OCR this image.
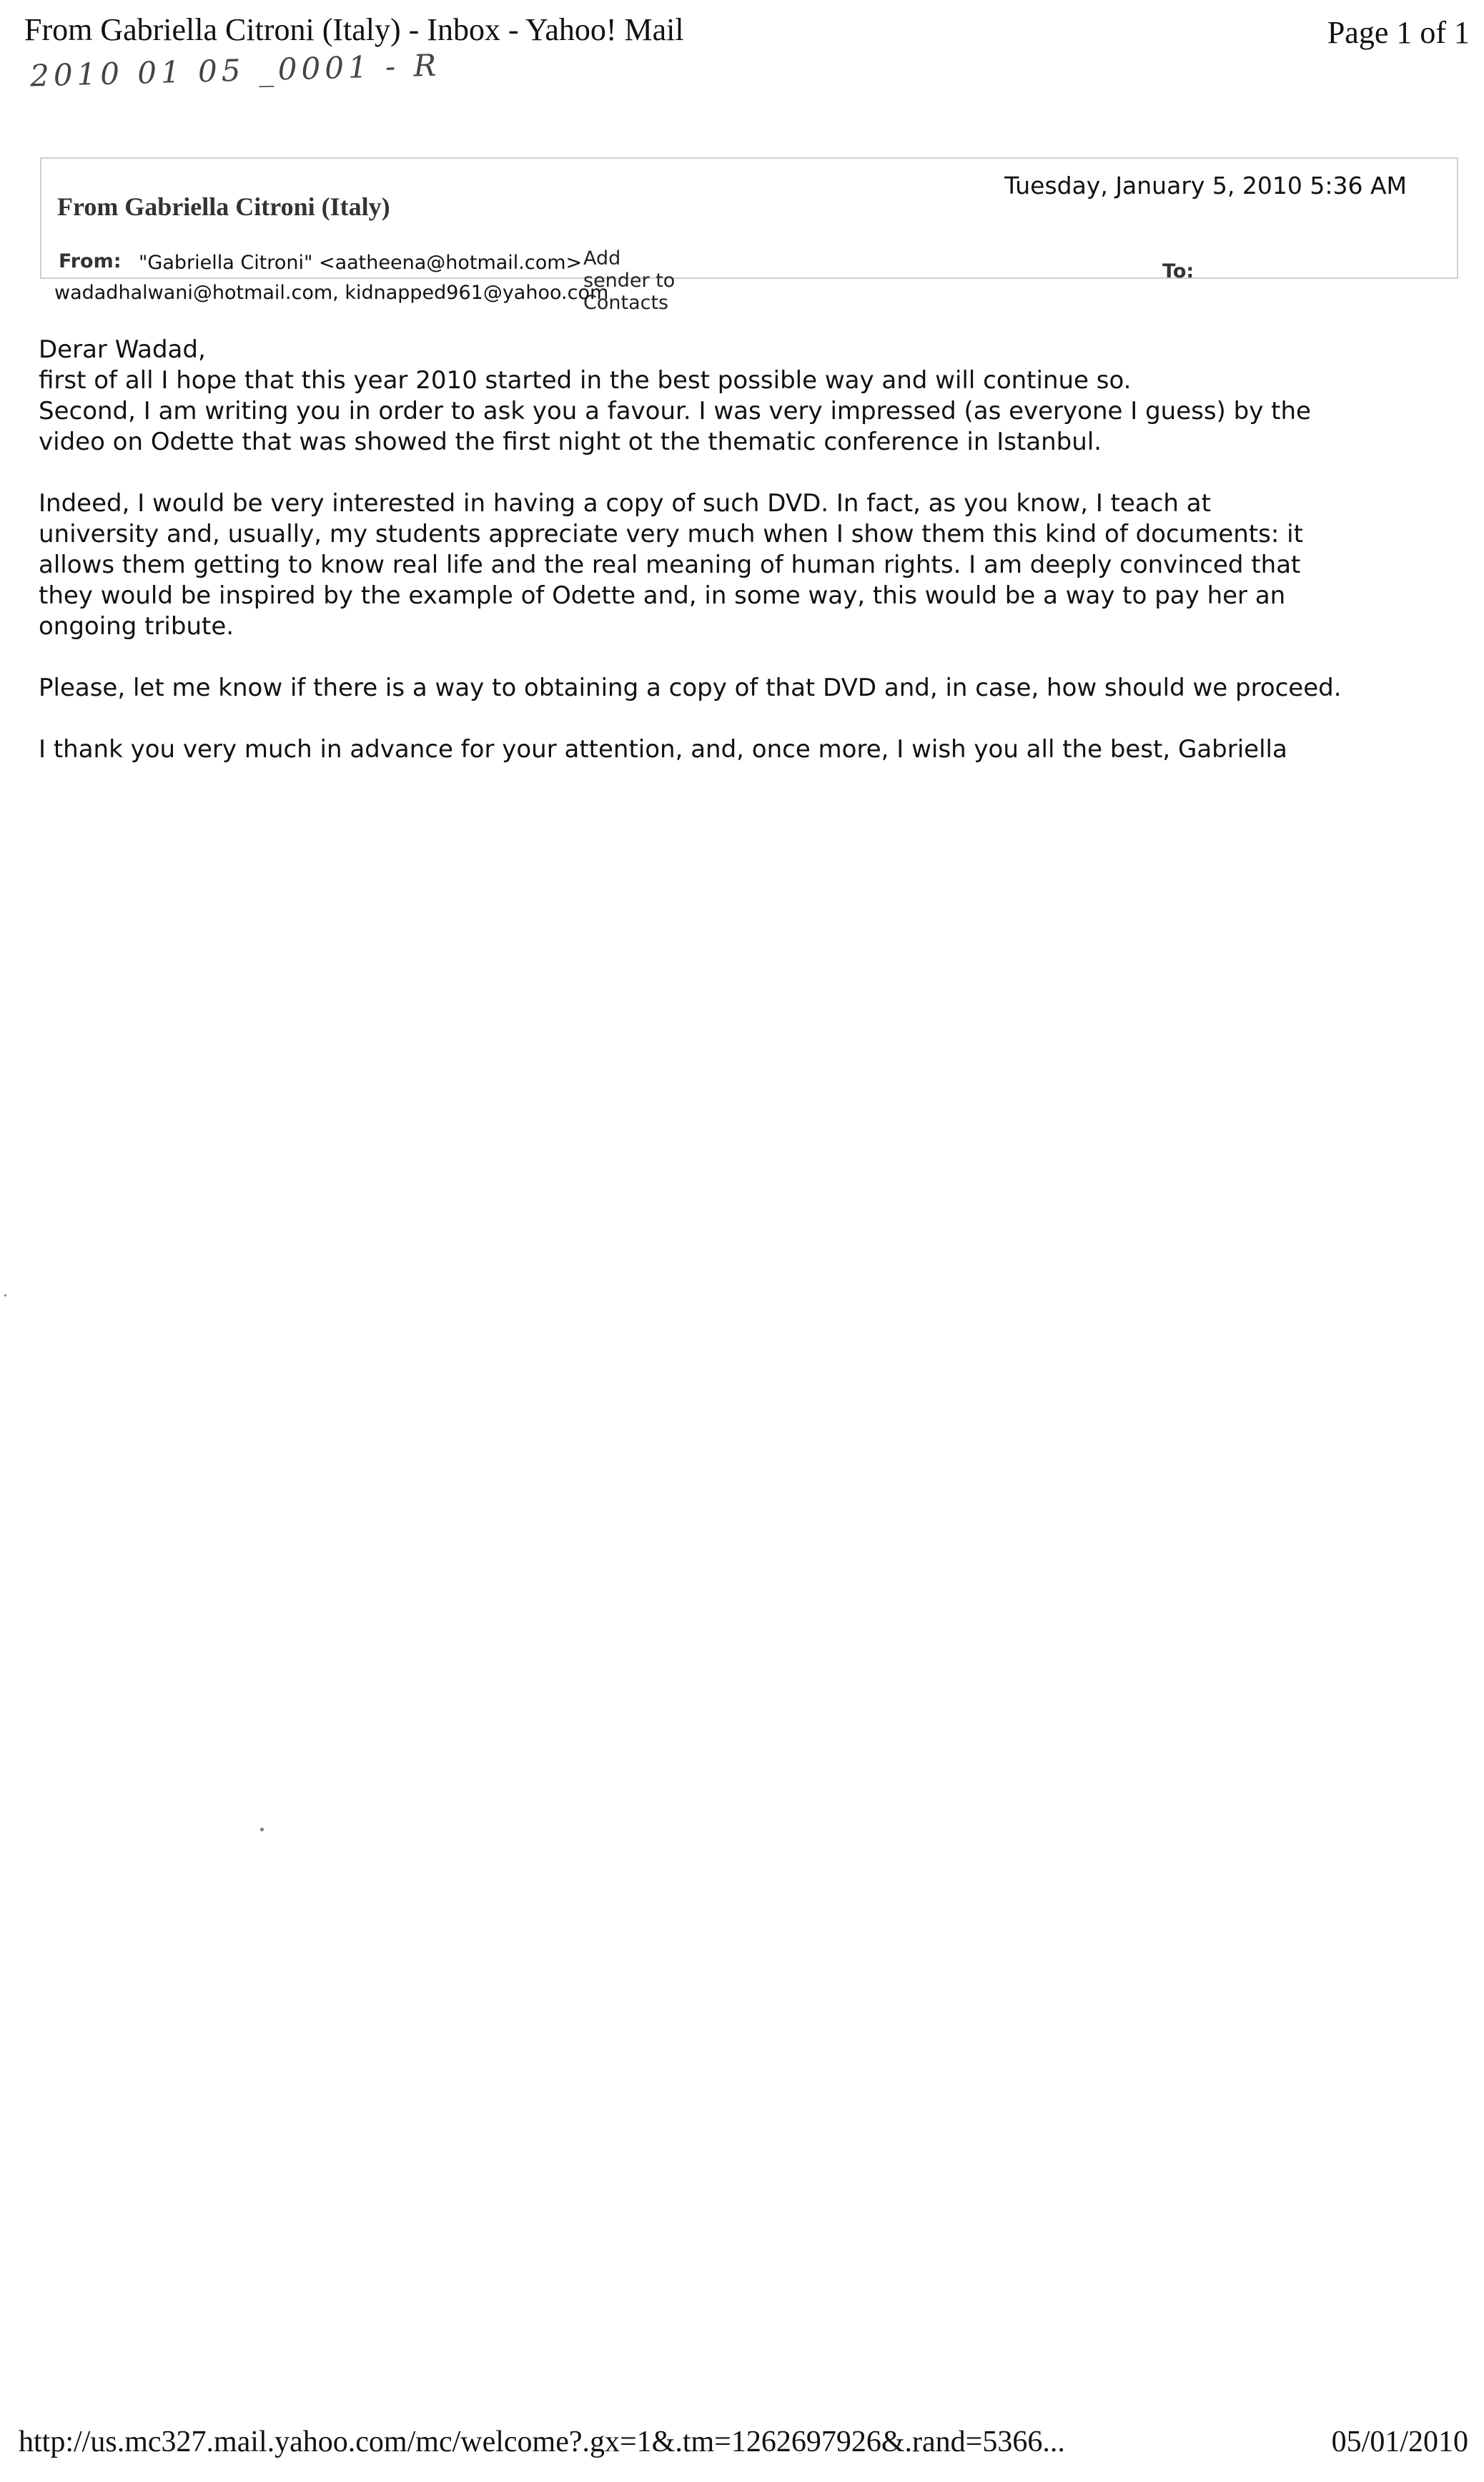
From Gabriella Citroni (Italy) - Inbox - Yahoo! Mail	Page 1 of 1
2010 01 05 _0001 - R
From Gabriella Citroni (Italy)
Tuesday, January 5, 2010 5:36 AM
From: "Gabriella Citroni" <aatheena@hotmail.com> Add sender to Contacts
To:
wadadhalwani@hotmail.com, kidnapped961@yahoo.com

Derar Wadad,
first of all I hope that this year 2010 started in the best possible way and will continue so.
Second, I am writing you in order to ask you a favour. I was very impressed (as everyone I guess) by the
video on Odette that was showed the first night ot the thematic conference in Istanbul.

Indeed, I would be very interested in having a copy of such DVD. In fact, as you know, I teach at
university and, usually, my students appreciate very much when I show them this kind of documents: it
allows them getting to know real life and the real meaning of human rights. I am deeply convinced that
they would be inspired by the example of Odette and, in some way, this would be a way to pay her an
ongoing tribute.

Please, let me know if there is a way to obtaining a copy of that DVD and, in case, how should we proceed.

I thank you very much in advance for your attention, and, once more, I wish you all the best, Gabriella

http://us.mc327.mail.yahoo.com/mc/welcome?.gx=1&.tm=1262697926&.rand=5366...	05/01/2010
